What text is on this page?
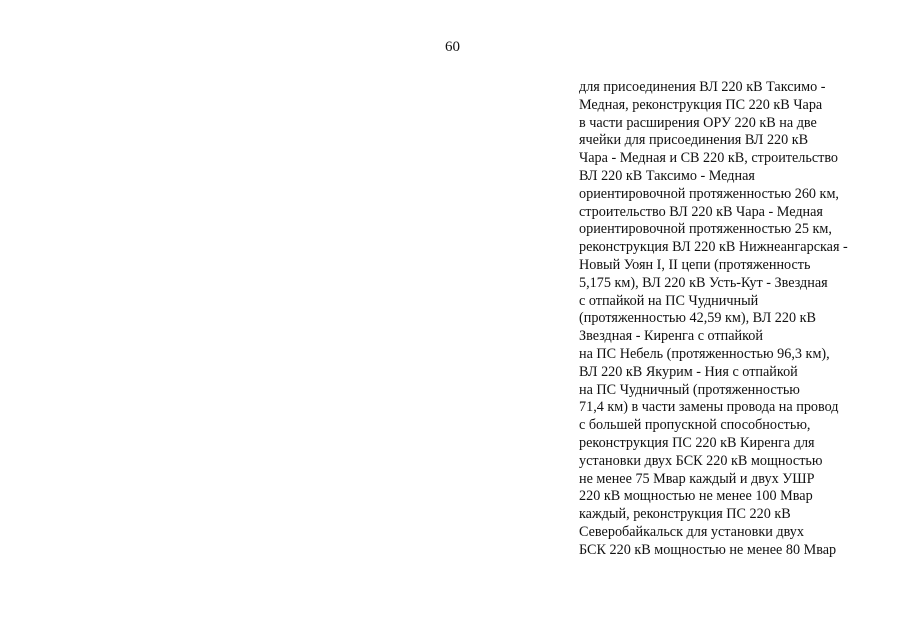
60
для присоединения ВЛ 220 кВ Таксимо -
Медная, реконструкция ПС 220 кВ Чара
в части расширения ОРУ 220 кВ на две
ячейки для присоединения ВЛ 220 кВ
Чара - Медная и СВ 220 кВ, строительство
ВЛ 220 кВ Таксимо - Медная
ориентировочной протяженностью 260 км,
строительство ВЛ 220 кВ Чара - Медная
ориентировочной протяженностью 25 км,
реконструкция ВЛ 220 кВ Нижнеангарская -
Новый Уоян I, II цепи (протяженность
5,175 км), ВЛ 220 кВ Усть-Кут - Звездная
с отпайкой на ПС Чудничный
(протяженностью 42,59 км), ВЛ 220 кВ
Звездная - Киренга с отпайкой
на ПС Небель (протяженностью 96,3 км),
ВЛ 220 кВ Якурим - Ния с отпайкой
на ПС Чудничный (протяженностью
71,4 км) в части замены провода на провод
с большей пропускной способностью,
реконструкция ПС 220 кВ Киренга для
установки двух БСК 220 кВ мощностью
не менее 75 Мвар каждый и двух УШР
220 кВ мощностью не менее 100 Мвар
каждый, реконструкция ПС 220 кВ
Северобайкальск для установки двух
БСК 220 кВ мощностью не менее 80 Мвар
